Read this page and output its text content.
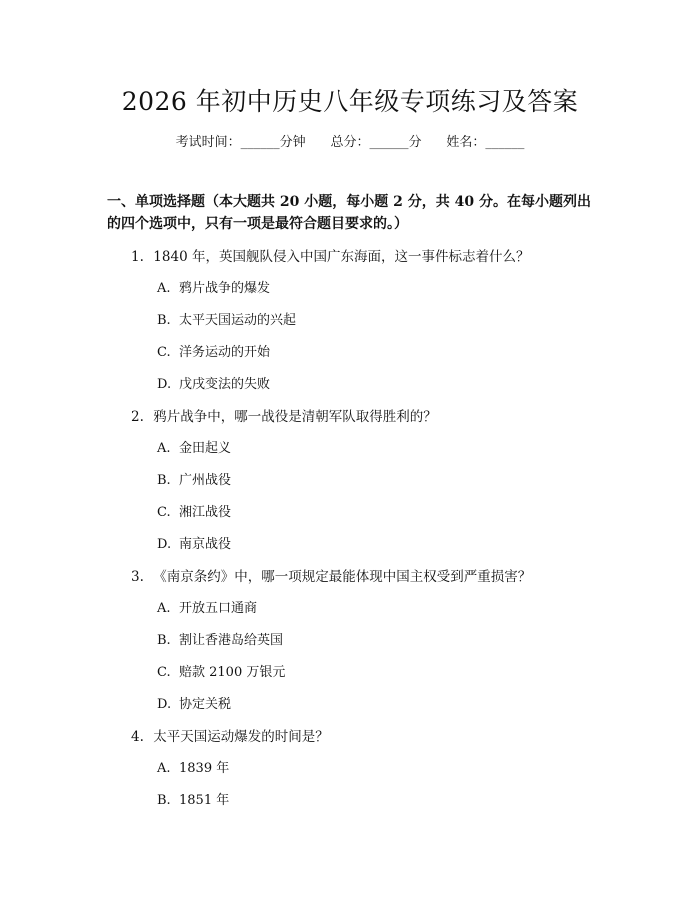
2026 年初中历史八年级专项练习及答案
考试时间：______分钟 总分：______分 姓名：______

一、单项选择题（本大题共 20 小题，每小题 2 分，共 40 分。在每小题列出的四个选项中，只有一项是最符合题目要求的。）

1. 1840 年，英国舰队侵入中国广东海面，这一事件标志着什么？
A. 鸦片战争的爆发
B. 太平天国运动的兴起
C. 洋务运动的开始
D. 戊戌变法的失败
2. 鸦片战争中，哪一战役是清朝军队取得胜利的？
A. 金田起义
B. 广州战役
C. 湘江战役
D. 南京战役
3. 《南京条约》中，哪一项规定最能体现中国主权受到严重损害？
A. 开放五口通商
B. 割让香港岛给英国
C. 赔款 2100 万银元
D. 协定关税
4. 太平天国运动爆发的时间是？
A. 1839 年
B. 1851 年
